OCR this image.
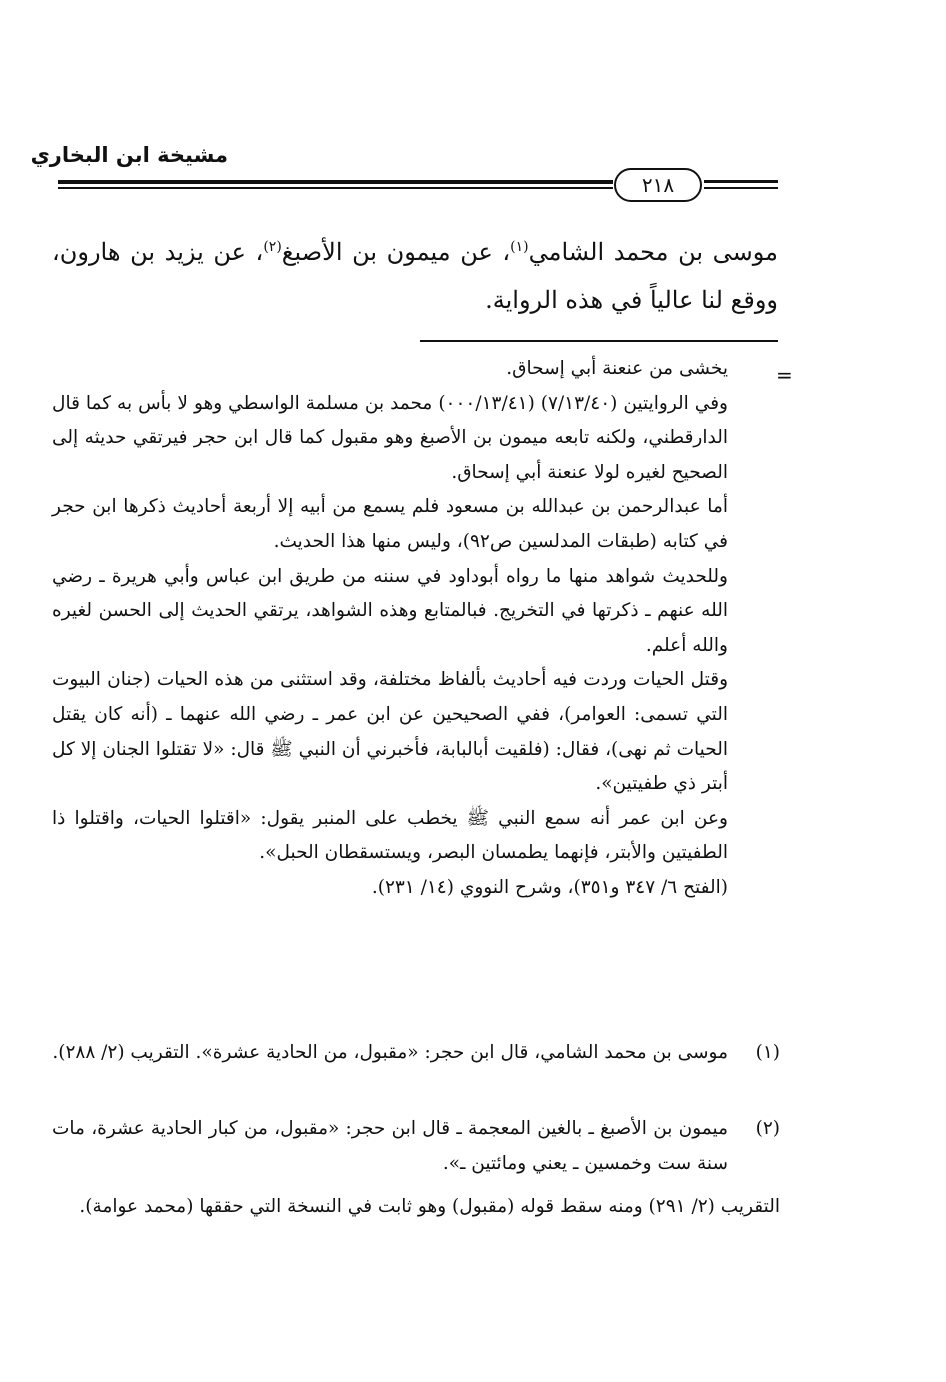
مشيخة ابن البخاري
٢١٨

موسى بن محمد الشامي$^{(١)}$، عن ميمون بن الأصبغ$^{(٢)}$، عن يزيد بن هارون، ووقع لنا عالياً في هذه الرواية.

=

يخشى من عنعنة أبي إسحاق.

وفي الروايتين (٧/١٣/٤٠) (٠٠٠/١٣/٤١) محمد بن مسلمة الواسطي وهو لا بأس به كما قال الدارقطني، ولكنه تابعه ميمون بن الأصبغ وهو مقبول كما قال ابن حجر فيرتقي حديثه إلى الصحيح لغيره لولا عنعنة أبي إسحاق.

أما عبدالرحمن بن عبدالله بن مسعود فلم يسمع من أبيه إلا أربعة أحاديث ذكرها ابن حجر في كتابه (طبقات المدلسين ص٩٢)، وليس منها هذا الحديث.

وللحديث شواهد منها ما رواه أبوداود في سننه من طريق ابن عباس وأبي هريرة ـ رضي الله عنهم ـ ذكرتها في التخريج. فبالمتابع وهذه الشواهد، يرتقي الحديث إلى الحسن لغيره والله أعلم.

وقتل الحيات وردت فيه أحاديث بألفاظ مختلفة، وقد استثنى من هذه الحيات (جنان البيوت التي تسمى: العوامر)، ففي الصحيحين عن ابن عمر ـ رضي الله عنهما ـ (أنه كان يقتل الحيات ثم نهى)، فقال: (فلقيت أبالبابة، فأخبرني أن النبي ﷺ قال: «لا تقتلوا الجنان إلا كل أبتر ذي طفيتين».

وعن ابن عمر أنه سمع النبي ﷺ يخطب على المنبر يقول: «اقتلوا الحيات، واقتلوا ذا الطفيتين والأبتر، فإنهما يطمسان البصر، ويستسقطان الحبل».

(الفتح ٦/ ٣٤٧ و٣٥١)، وشرح النووي (١٤/ ٢٣١).

(١)

موسى بن محمد الشامي، قال ابن حجر: «مقبول، من الحادية عشرة». التقريب (٢/ ٢٨٨).

(٢)

ميمون بن الأصبغ ـ بالغين المعجمة ـ قال ابن حجر: «مقبول، من كبار الحادية عشرة، مات سنة ست وخمسين ـ يعني ومائتين ـ».

التقريب (٢/ ٢٩١) ومنه سقط قوله (مقبول) وهو ثابت في النسخة التي حققها (محمد عوامة).
